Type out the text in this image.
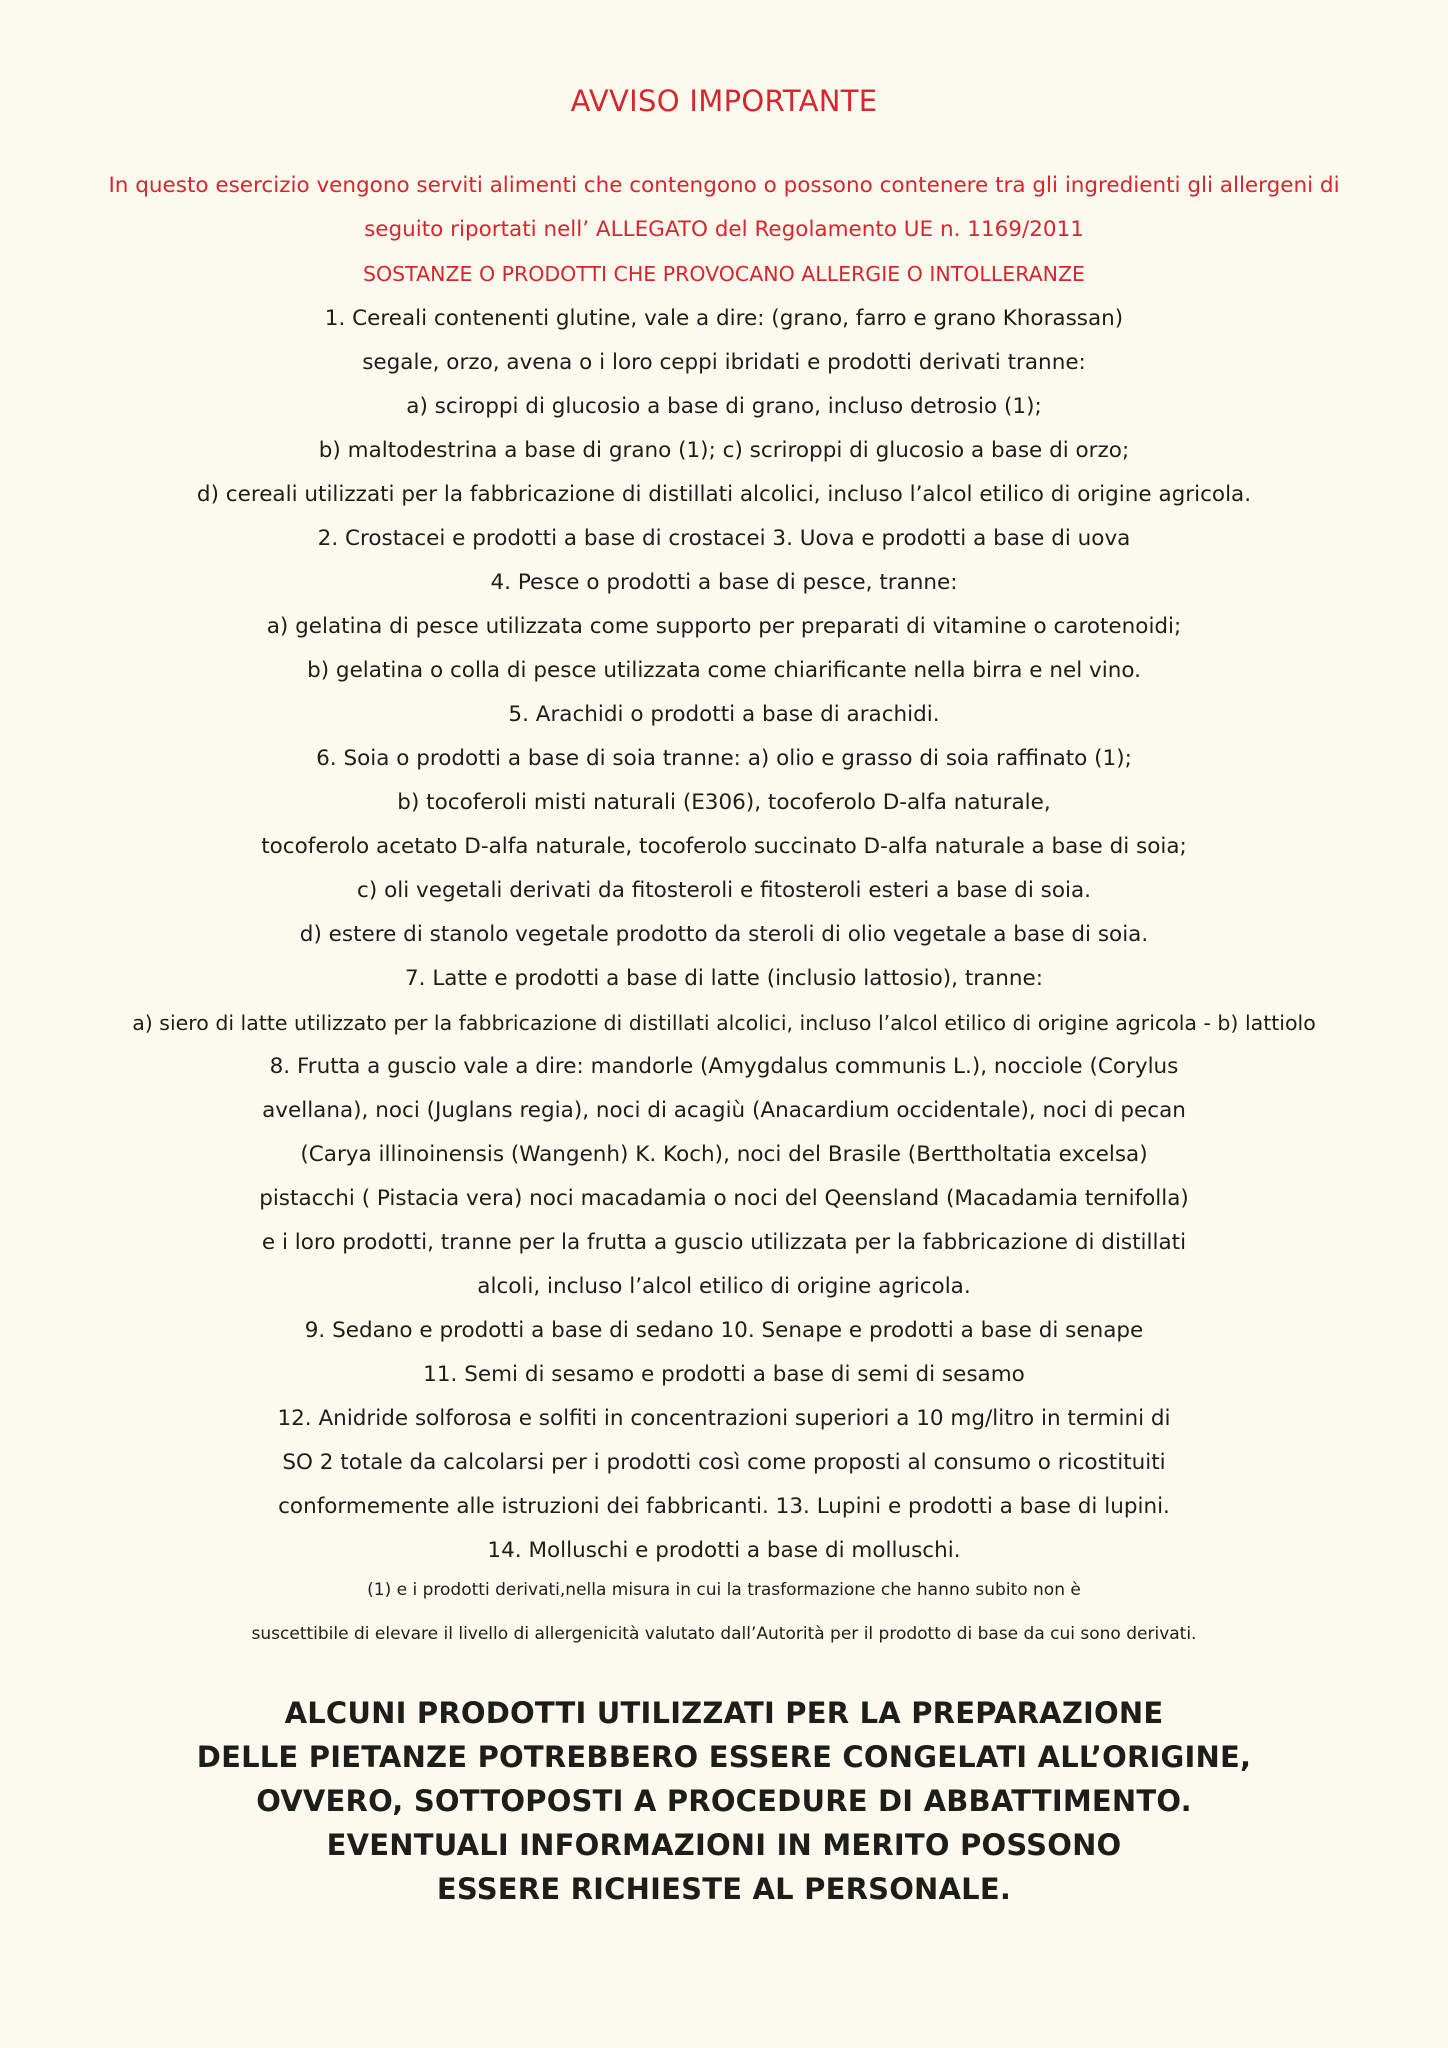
AVVISO IMPORTANTE

In questo esercizio vengono serviti alimenti che contengono o possono contenere tra gli ingredienti gli allergeni di
seguito riportati nell’ ALLEGATO del Regolamento UE n. 1169/2011
SOSTANZE O PRODOTTI CHE PROVOCANO ALLERGIE O INTOLLERANZE

1. Cereali contenenti glutine, vale a dire: (grano, farro e grano Khorassan)
segale, orzo, avena o i loro ceppi ibridati e prodotti derivati tranne:
a) sciroppi di glucosio a base di grano, incluso detrosio (1);
b) maltodestrina a base di grano (1); c) scriroppi di glucosio a base di orzo;
d) cereali utilizzati per la fabbricazione di distillati alcolici, incluso l’alcol etilico di origine agricola.
2. Crostacei e prodotti a base di crostacei 3. Uova e prodotti a base di uova
4. Pesce o prodotti a base di pesce, tranne:
a) gelatina di pesce utilizzata come supporto per preparati di vitamine o carotenoidi;
b) gelatina o colla di pesce utilizzata come chiarificante nella birra e nel vino.
5. Arachidi o prodotti a base di arachidi.
6. Soia o prodotti a base di soia tranne: a) olio e grasso di soia raffinato (1);
b) tocoferoli misti naturali (E306), tocoferolo D-alfa naturale,
tocoferolo acetato D-alfa naturale, tocoferolo succinato D-alfa naturale a base di soia;
c) oli vegetali derivati da fitosteroli e fitosteroli esteri a base di soia.
d) estere di stanolo vegetale prodotto da steroli di olio vegetale a base di soia.
7. Latte e prodotti a base di latte (inclusio lattosio), tranne:
a) siero di latte utilizzato per la fabbricazione di distillati alcolici, incluso l’alcol etilico di origine agricola - b) lattiolo
8. Frutta a guscio vale a dire: mandorle (Amygdalus communis L.), nocciole (Corylus
avellana), noci (Juglans regia), noci di acagiù (Anacardium occidentale), noci di pecan
(Carya illinoinensis (Wangenh) K. Koch), noci del Brasile (Berttholtatia excelsa)
pistacchi ( Pistacia vera) noci macadamia o noci del Qeensland (Macadamia ternifolla)
e i loro prodotti, tranne per la frutta a guscio utilizzata per la fabbricazione di distillati
alcoli, incluso l’alcol etilico di origine agricola.
9. Sedano e prodotti a base di sedano 10. Senape e prodotti a base di senape
11. Semi di sesamo e prodotti a base di semi di sesamo
12. Anidride solforosa e solfiti in concentrazioni superiori a 10 mg/litro in termini di
SO 2 totale da calcolarsi per i prodotti così come proposti al consumo o ricostituiti
conformemente alle istruzioni dei fabbricanti. 13. Lupini e prodotti a base di lupini.
14. Molluschi e prodotti a base di molluschi.

(1) e i prodotti derivati,nella misura in cui la trasformazione che hanno subito non è
suscettibile di elevare il livello di allergenicità valutato dall’Autorità per il prodotto di base da cui sono derivati.

ALCUNI PRODOTTI UTILIZZATI PER LA PREPARAZIONE
DELLE PIETANZE POTREBBERO ESSERE CONGELATI ALL’ORIGINE,
OVVERO, SOTTOPOSTI A PROCEDURE DI ABBATTIMENTO.
EVENTUALI INFORMAZIONI IN MERITO POSSONO
ESSERE RICHIESTE AL PERSONALE.
